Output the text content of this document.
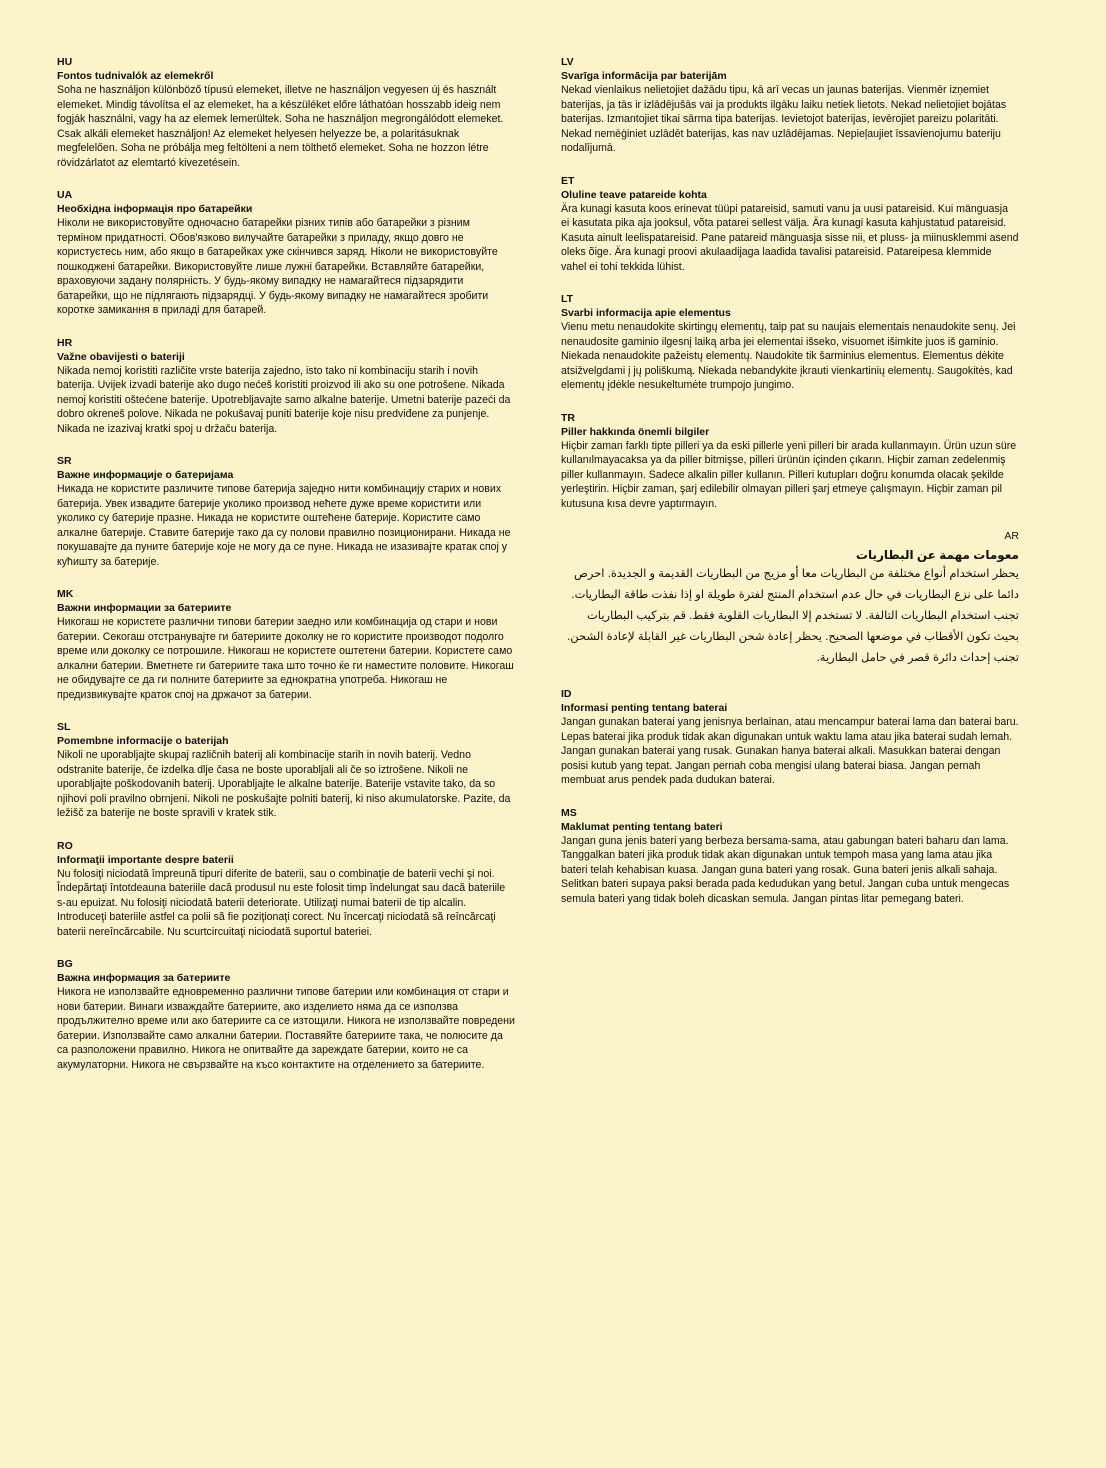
HU
Fontos tudnivalók az elemekről

Soha ne használjon különböző típusú elemeket, illetve ne használjon vegyesen új és használt elemeket. Mindig távolítsa el az elemeket, ha a készüléket előre láthatóan hosszabb ideig nem fogják használni, vagy ha az elemek lemerültek. Soha ne használjon megrongálódott elemeket. Csak alkáli elemeket használjon! Az elemeket helyesen helyezze be, a polaritásuknak megfelelően. Soha ne próbálja meg feltölteni a nem tölthető elemeket. Soha ne hozzon létre rövidzárlatot az elemtartó kivezetésein.

UA
Необхідна інформація про батарейки

Ніколи не використовуйте одночасно батарейки різних типів або батарейки з різним терміном придатності. Обов'язково вилучайте батарейки з приладу, якщо довго не користуєтесь ним, або якщо в батарейках уже скінчився заряд. Ніколи не використовуйте пошкоджені батарейки. Використовуйте лише лужні батарейки. Вставляйте батарейки, враховуючи задану полярність. У будь-якому випадку не намагайтеся підзарядити батарейки, що не підлягають підзарядці. У будь-якому випадку не намагайтеся зробити коротке замикання в приладі для батарей.

HR
Važne obavijesti o bateriji

Nikada nemoj koristiti različite vrste baterija zajedno, isto tako ni kombinaciju starih i novih baterija. Uvijek izvadi baterije ako dugo nećeš koristiti proizvod ili ako su one potrošene. Nikada nemoj koristiti oštećene baterije. Upotrebljavajte samo alkalne baterije. Umetni baterije pazeći da dobro okreneš polove. Nikada ne pokušavaj puniti baterije koje nisu predviđene za punjenje. Nikada ne izazivaj kratki spoj u držaču baterija.

SR
Важне информације о батеријама

Никада не користите различите типове батерија заједно нити комбинацију старих и нових батерија. Увек извадите батерије уколико производ нећете дуже време користити или уколико су батерије празне. Никада не користите оштећене батерије. Користите само алкалне батерије. Ставите батерије тако да су полови правилно позиционирани. Никада не покушавајте да пуните батерије које не могу да се пуне. Никада не изазивајте кратак спој у кућишту за батерије.

MK
Важни информации за батериите

Никогаш не користете различни типови батерии заедно или комбинација од стари и нови батерии. Секогаш отстранувајте ги батериите доколку не го користите производот подолго време или доколку се потрошиле. Никогаш не користете оштетени батерии. Користете само алкални батерии. Вметнете ги батериите така што точно ќе ги наместите половите. Никогаш не обидувајте се да ги полните батериите за еднократна употреба. Никогаш не предизвикувајте краток спој на држачот за батерии.

SL
Pomembne informacije o baterijah

Nikoli ne uporabljajte skupaj različnih baterij ali kombinacije starih in novih baterij. Vedno odstranite baterije, če izdelka dlje časa ne boste uporabljali ali če so iztrošene. Nikoli ne uporabljajte poškodovanih baterij. Uporabljajte le alkalne baterije. Baterije vstavite tako, da so njihovi poli pravilno obrnjeni. Nikoli ne poskušajte polniti baterij, ki niso akumulatorske. Pazite, da ležišč za baterije ne boste spravili v kratek stik.

RO
Informaţii importante despre baterii

Nu folosiţi niciodată împreună tipuri diferite de baterii, sau o combinaţie de baterii vechi şi noi. Îndepărtaţi întotdeauna bateriile dacă produsul nu este folosit timp îndelungat sau dacă bateriile s-au epuizat. Nu folosiţi niciodată baterii deteriorate. Utilizaţi numai baterii de tip alcalin. Introduceţi bateriile astfel ca polii să fie poziţionaţi corect. Nu încercaţi niciodată să reîncărcaţi baterii nereîncărcabile. Nu scurtcircuitaţi niciodată suportul bateriei.

BG
Важна информация за батериите

Никога не използвайте едновременно различни типове батерии или комбинация от стари и нови батерии. Винаги изваждайте батериите, ако изделието няма да се използва продължително време или ако батериите са се изтощили. Никога не използвайте повредени батерии. Използвайте само алкални батерии. Поставяйте батериите така, че полюсите да са разположени правилно. Никога не опитвайте да зареждате батерии, които не са акумулаторни. Никога не свързвайте на късо контактите на отделението за батериите.

LV
Svarīga informācija par baterijām

Nekad vienlaikus nelietojiet dažādu tipu, kā arī vecas un jaunas baterijas. Vienmēr izņemiet baterijas, ja tās ir izlādējušās vai ja produkts ilgāku laiku netiek lietots. Nekad nelietojiet bojātas baterijas. Izmantojiet tikai sārma tipa baterijas. Ievietojot baterijas, ievērojiet pareizu polaritāti. Nekad nemēģiniet uzlādēt baterijas, kas nav uzlādējamas. Nepieļaujiet īssavienojumu bateriju nodalījumā.

ET
Oluline teave patareide kohta

Ära kunagi kasuta koos erinevat tüüpi patareisid, samuti vanu ja uusi patareisid. Kui mänguasja ei kasutata pika aja jooksul, võta patarei sellest välja. Ära kunagi kasuta kahjustatud patareisid. Kasuta ainult leelispatareisid. Pane patareid mänguasja sisse nii, et pluss- ja miinusklemmi asend oleks õige. Ära kunagi proovi akulaadijaga laadida tavalisi patareisid. Patareipesa klemmide vahel ei tohi tekkida lühist.

LT
Svarbi informacija apie elementus

Vienu metu nenaudokite skirtingų elementų, taip pat su naujais elementais nenaudokite senų. Jei nenaudosite gaminio ilgesnį laiką arba jei elementai išseko, visuomet išimkite juos iš gaminio. Niekada nenaudokite pažeistų elementų. Naudokite tik šarminius elementus. Elementus dėkite atsižvelgdami į jų poliškumą. Niekada nebandykite įkrauti vienkartinių elementų. Saugokitės, kad elementų įdėkle nesukeltumėte trumpojo jungimo.

TR
Piller hakkında önemli bilgiler

Hiçbir zaman farklı tipte pilleri ya da eski pillerle yeni pilleri bir arada kullanmayın. Ürün uzun süre kullanılmayacaksa ya da piller bitmişse, pilleri ürünün içinden çıkarın. Hiçbir zaman zedelenmiş piller kullanmayın. Sadece alkalin piller kullanın. Pilleri kutupları doğru konumda olacak şekilde yerleştirin. Hiçbir zaman, şarj edilebilir olmayan pilleri şarj etmeye çalışmayın. Hiçbir zaman pil kutusuna kısa devre yaptırmayın.

AR
معومات مهمة عن البطاريات

يحظر استخدام أنواع مختلفة من البطاريات معا أو مزيج من البطاريات القديمة و الجديدة. احرص دائما على نزع البطاريات في حال عدم استخدام المنتج لفترة طويلة او إذا نفذت طاقة البطاريات. تجنب استخدام البطاريات التالفة. لا تستخدم إلا البطاريات القلوية فقط. قم بتركيب البطاريات بحيث تكون الأقطاب في موضعها الصحيح. يحظر إعادة شحن البطاريات غير القابلة لإعادة الشحن. تجنب إحداث دائرة قصر في حامل البطارية.

ID
Informasi penting tentang baterai

Jangan gunakan baterai yang jenisnya berlainan, atau mencampur baterai lama dan baterai baru. Lepas baterai jika produk tidak akan digunakan untuk waktu lama atau jika baterai sudah lemah. Jangan gunakan baterai yang rusak. Gunakan hanya baterai alkali. Masukkan baterai dengan posisi kutub yang tepat. Jangan pernah coba mengisi ulang baterai biasa. Jangan pernah membuat arus pendek pada dudukan baterai.

MS
Maklumat penting tentang bateri

Jangan guna jenis bateri yang berbeza bersama-sama, atau gabungan bateri baharu dan lama. Tanggalkan bateri jika produk tidak akan digunakan untuk tempoh masa yang lama atau jika bateri telah kehabisan kuasa. Jangan guna bateri yang rosak. Guna bateri jenis alkali sahaja. Selitkan bateri supaya paksi berada pada kedudukan yang betul. Jangan cuba untuk mengecas semula bateri yang tidak boleh dicaskan semula. Jangan pintas litar pemegang bateri.
